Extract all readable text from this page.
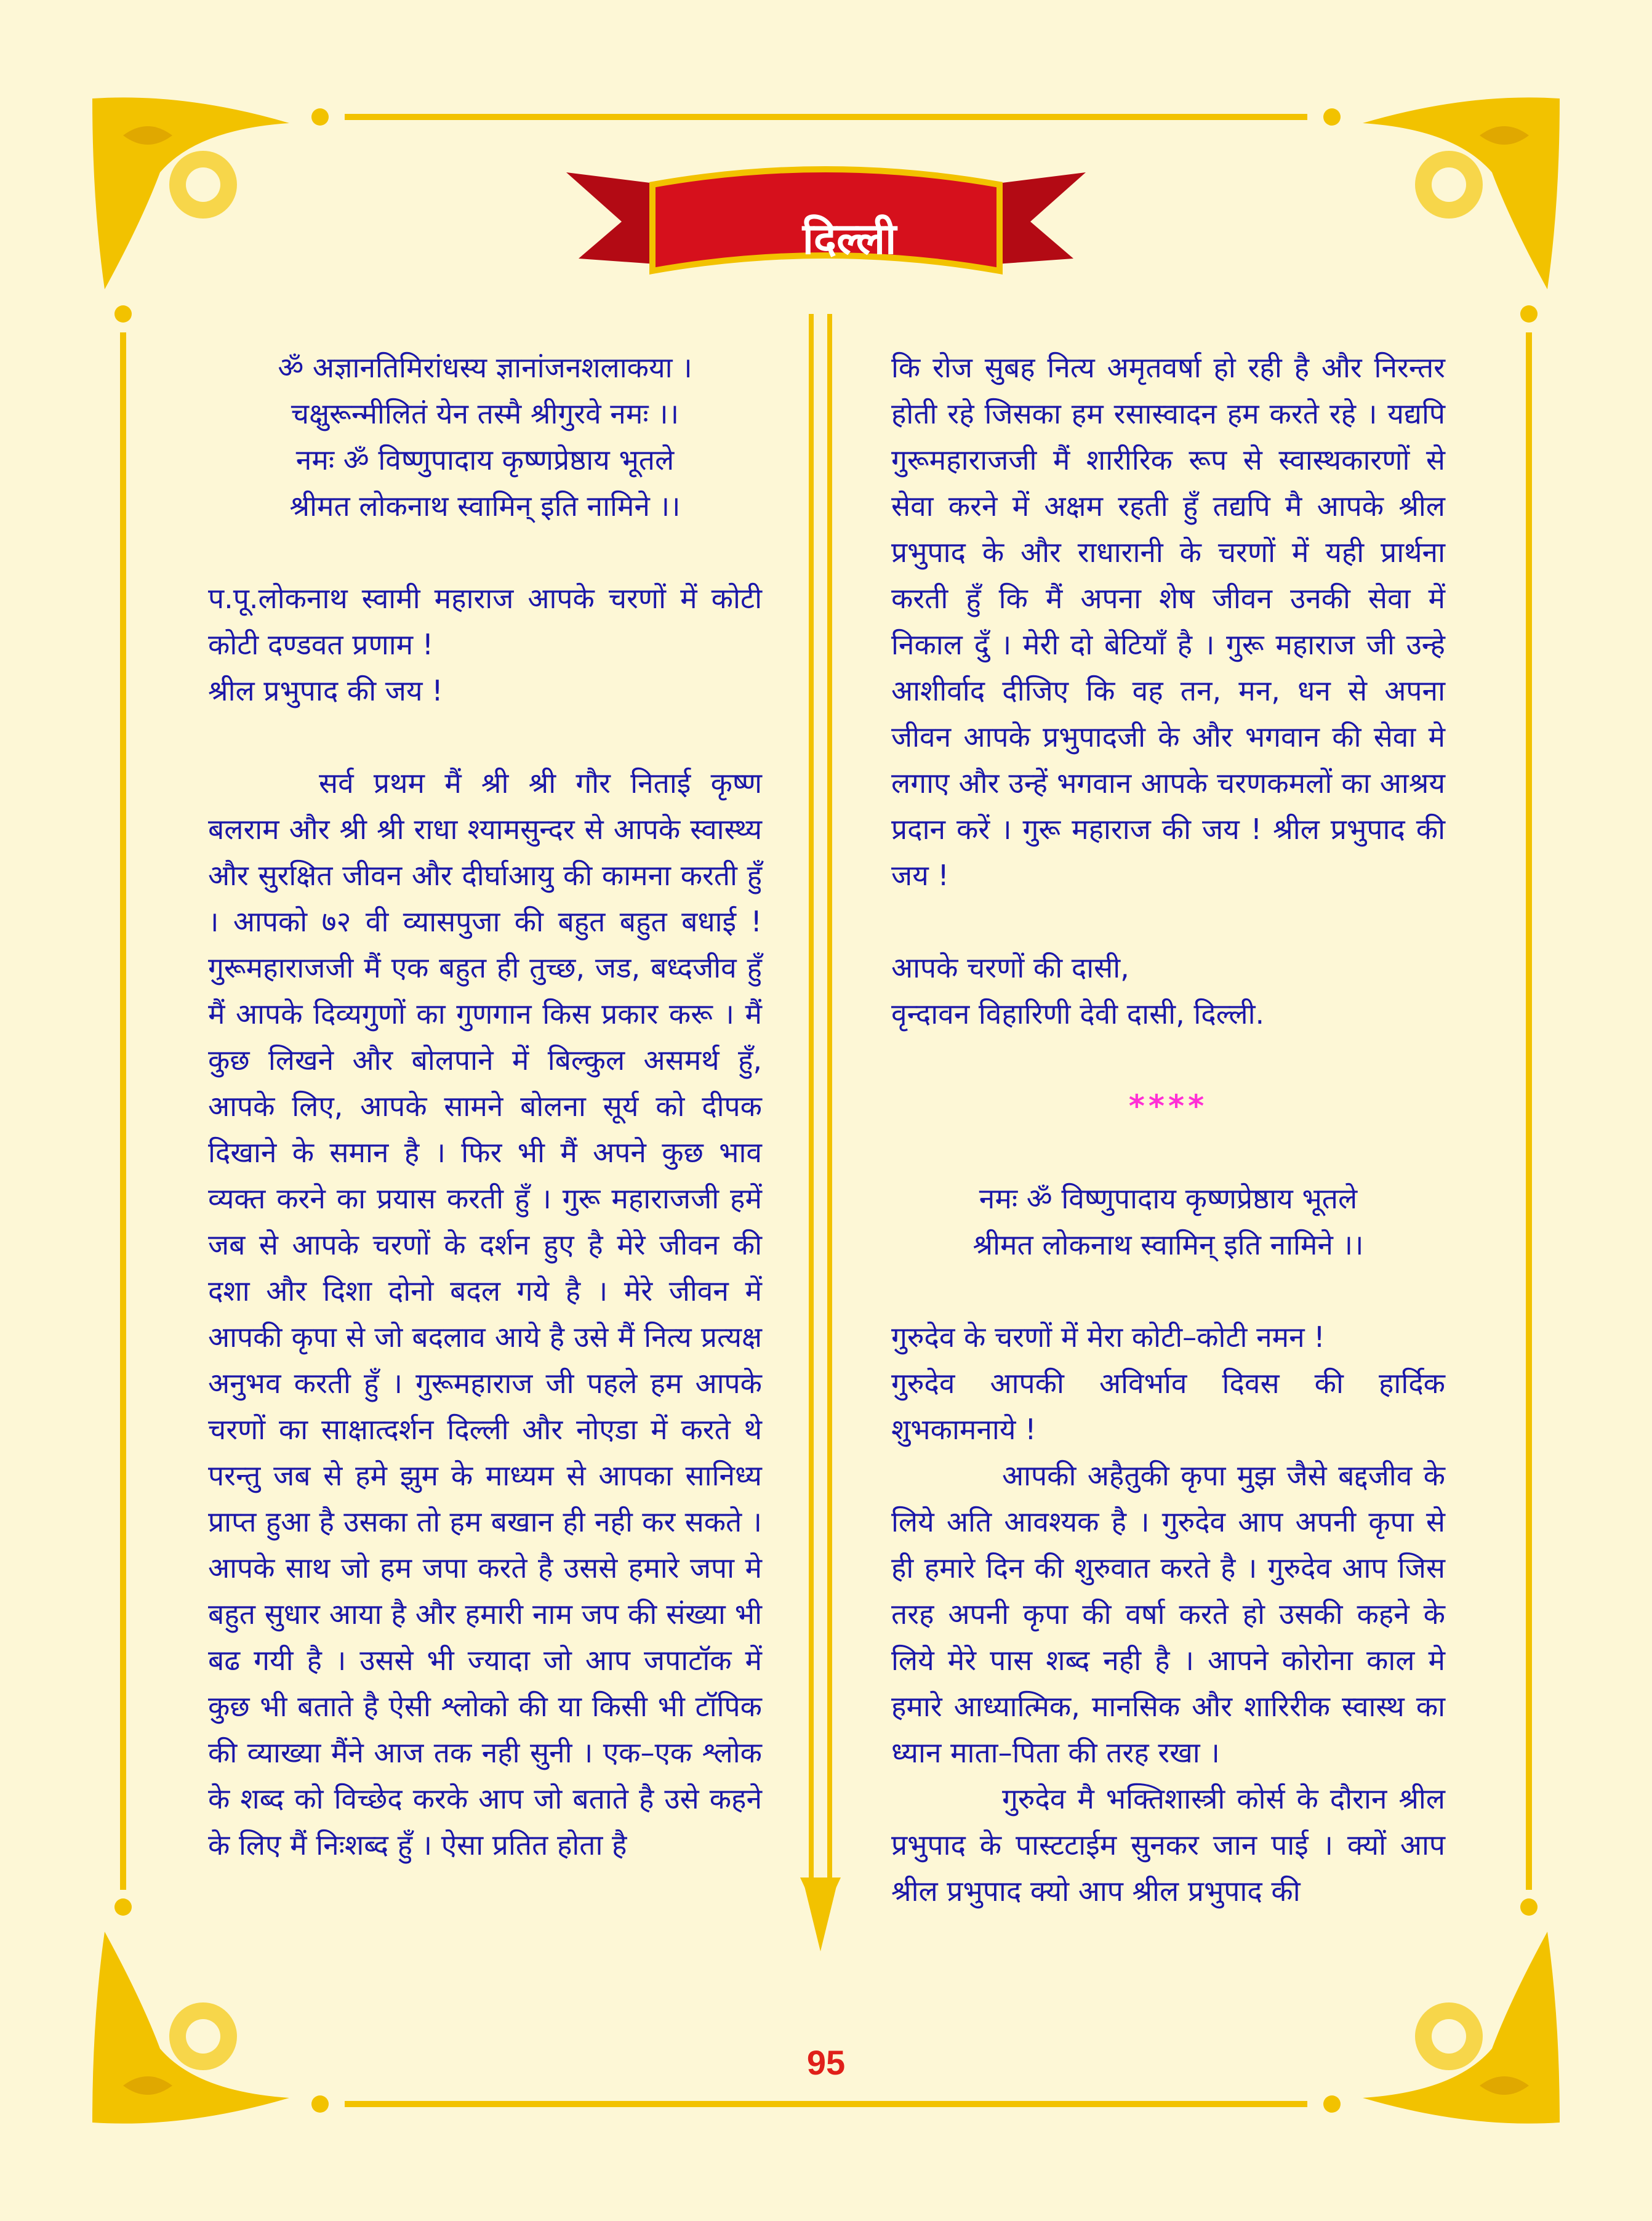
दिल्ली

ॐ अज्ञानतिमिरांधस्य ज्ञानांजनशलाकया ।

चक्षुरून्मीलितं येन तस्मै श्रीगुरवे नमः ।।

नमः ॐ विष्णुपादाय कृष्णप्रेष्ठाय भूतले

श्रीमत लोकनाथ स्वामिन् इति नामिने ।।

प.पू.लोकनाथ स्वामी महाराज आपके चरणों में कोटी कोटी दण्डवत प्रणाम !

श्रील प्रभुपाद की जय !

सर्व प्रथम मैं श्री श्री गौर निताई कृष्ण बलराम और श्री श्री राधा श्यामसुन्दर से आपके स्वास्थ्य और सुरक्षित जीवन और दीर्घाआयु की कामना करती हुँ । आपको ७२ वी व्यासपुजा की बहुत बहुत बधाई ! गुरूमहाराजजी मैं एक बहुत ही तुच्छ, जड, बध्दजीव हुँ मैं आपके दिव्यगुणों का गुणगान किस प्रकार करू । मैं कुछ लिखने और बोलपाने में बिल्कुल असमर्थ हुँ, आपके लिए, आपके सामने बोलना सूर्य को दीपक दिखाने के समान है । फिर भी मैं अपने कुछ भाव व्यक्त करने का प्रयास करती हुँ । गुरू महाराजजी हमें जब से आपके चरणों के दर्शन हुए है मेरे जीवन की दशा और दिशा दोनो बदल गये है । मेरे जीवन में आपकी कृपा से जो बदलाव आये है उसे मैं नित्य प्रत्यक्ष अनुभव करती हुँ । गुरूमहाराज जी पहले हम आपके चरणों का साक्षात्दर्शन दिल्ली और नोएडा में करते थे परन्तु जब से हमे झुम के माध्यम से आपका सानिध्य प्राप्त हुआ है उसका तो हम बखान ही नही कर सकते । आपके साथ जो हम जपा करते है उससे हमारे जपा मे बहुत सुधार आया है और हमारी नाम जप की संख्या भी बढ गयी है । उससे भी ज्यादा जो आप जपाटॉक में कुछ भी बताते है ऐसी श्लोको की या किसी भी टॉपिक की व्याख्या मैंने आज तक नही सुनी । एक–एक श्लोक के शब्द को विच्छेद करके आप जो बताते है उसे कहने के लिए मैं निःशब्द हुँ । ऐसा प्रतित होता है

कि रोज सुबह नित्य अमृतवर्षा हो रही है और निरन्तर होती रहे जिसका हम रसास्वादन हम करते रहे । यद्यपि गुरूमहाराजजी मैं शारीरिक रूप से स्वास्थकारणों से सेवा करने में अक्षम रहती हुँ तद्यपि मै आपके श्रील प्रभुपाद के और राधारानी के चरणों में यही प्रार्थना करती हुँ कि मैं अपना शेष जीवन उनकी सेवा में निकाल दुँ । मेरी दो बेटियाँ है । गुरू महाराज जी उन्हे आशीर्वाद दीजिए कि वह तन, मन, धन से अपना जीवन आपके प्रभुपादजी के और भगवान की सेवा मे लगाए और उन्हें भगवान आपके चरणकमलों का आश्रय प्रदान करें । गुरू महाराज की जय ! श्रील प्रभुपाद की जय !

आपके चरणों की दासी,

वृन्दावन विहारिणी देवी दासी, दिल्ली.

****

नमः ॐ विष्णुपादाय कृष्णप्रेष्ठाय भूतले

श्रीमत लोकनाथ स्वामिन् इति नामिने ।।

गुरुदेव के चरणों में मेरा कोटी–कोटी नमन !

गुरुदेव आपकी अविर्भाव दिवस की हार्दिक शुभकामनाये !

आपकी अहैतुकी कृपा मुझ जैसे बद्दजीव के लिये अति आवश्यक है । गुरुदेव आप अपनी कृपा से ही हमारे दिन की शुरुवात करते है । गुरुदेव आप जिस तरह अपनी कृपा की वर्षा करते हो उसकी कहने के लिये मेरे पास शब्द नही है । आपने कोरोना काल मे हमारे आध्यात्मिक, मानसिक और शारिरीक स्वास्थ का ध्यान माता–पिता की तरह रखा ।

गुरुदेव मै भक्तिशास्त्री कोर्स के दौरान श्रील प्रभुपाद के पास्टटाईम सुनकर जान पाई । क्यों आप श्रील प्रभुपाद क्यो आप श्रील प्रभुपाद की

95
